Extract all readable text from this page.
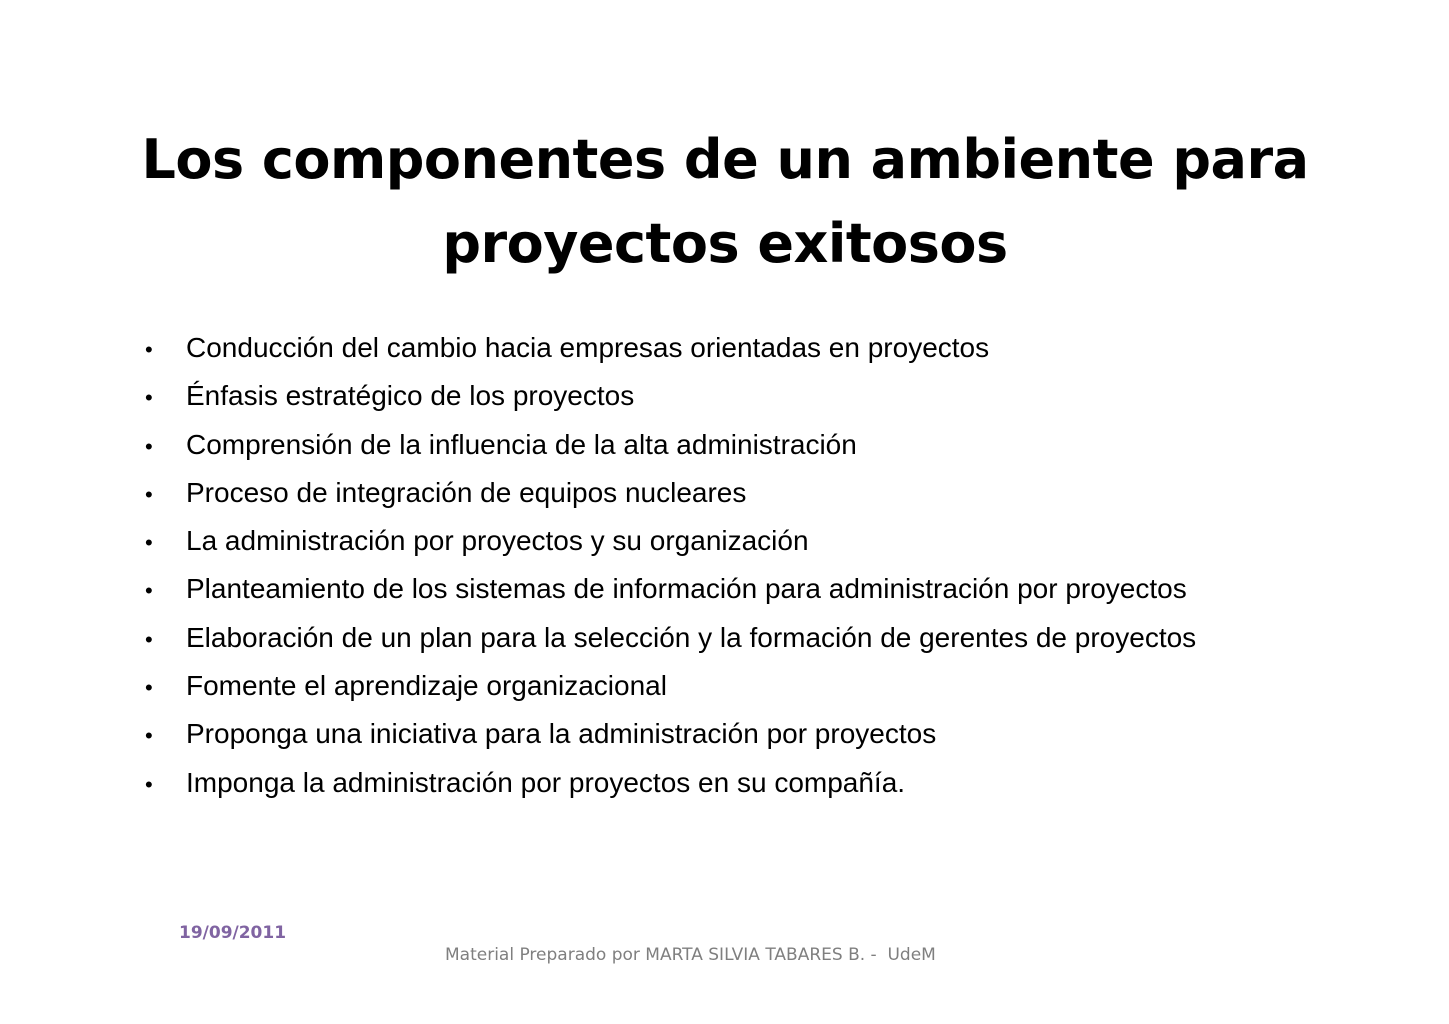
Los componentes de un ambiente para
proyectos exitosos
•	Conducción del cambio hacia empresas orientadas en proyectos
•	Énfasis estratégico de los proyectos
•	Comprensión de la influencia de la alta administración
•	Proceso de integración de equipos nucleares
•	La administración por proyectos y su organización
•	Planteamiento de los sistemas de información para administración por proyectos
•	Elaboración de un plan para la selección y la formación de gerentes de proyectos
•	Fomente el aprendizaje organizacional
•	Proponga una iniciativa para la administración por proyectos
•	Imponga la administración por proyectos en su compañía.
19/09/2011
Material Preparado por MARTA SILVIA TABARES B. -  UdeM
